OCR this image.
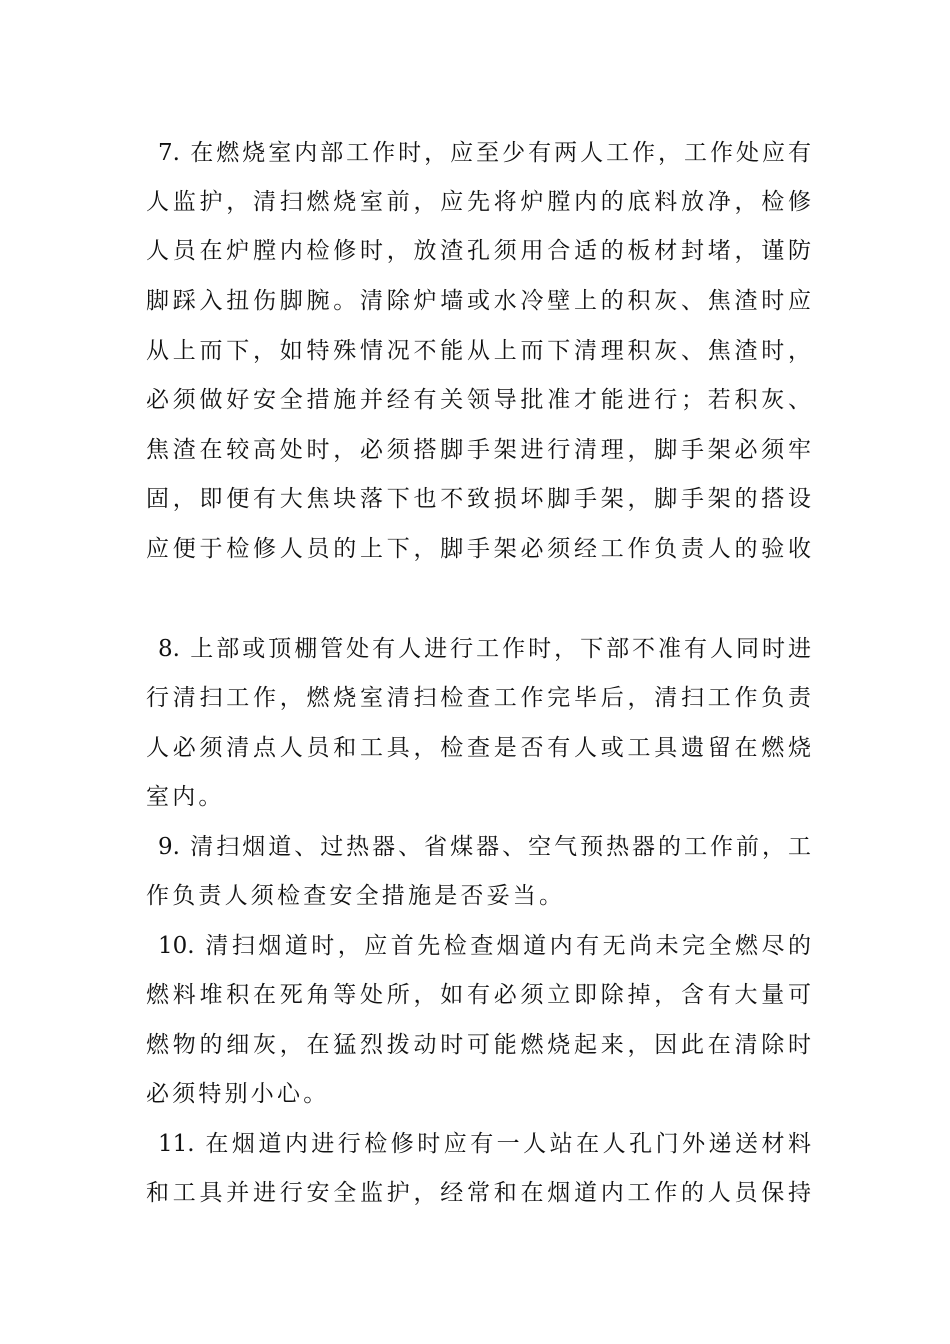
7. 在燃烧室内部工作时，应至少有两人工作，工作处应有
人监护，清扫燃烧室前，应先将炉膛内的底料放净，检修
人员在炉膛内检修时，放渣孔须用合适的板材封堵，谨防
脚踩入扭伤脚腕。清除炉墙或水冷壁上的积灰、焦渣时应
从上而下，如特殊情况不能从上而下清理积灰、焦渣时，
必须做好安全措施并经有关领导批准才能进行；若积灰、
焦渣在较高处时，必须搭脚手架进行清理，脚手架必须牢
固，即便有大焦块落下也不致损坏脚手架，脚手架的搭设
应便于检修人员的上下，脚手架必须经工作负责人的验收
8. 上部或顶棚管处有人进行工作时，下部不准有人同时进
行清扫工作，燃烧室清扫检查工作完毕后，清扫工作负责
人必须清点人员和工具，检查是否有人或工具遗留在燃烧
室内。
9. 清扫烟道、过热器、省煤器、空气预热器的工作前，工
作负责人须检查安全措施是否妥当。
10. 清扫烟道时，应首先检查烟道内有无尚未完全燃尽的
燃料堆积在死角等处所，如有必须立即除掉，含有大量可
燃物的细灰，在猛烈拨动时可能燃烧起来，因此在清除时
必须特别小心。
11. 在烟道内进行检修时应有一人站在人孔门外递送材料
和工具并进行安全监护，经常和在烟道内工作的人员保持
